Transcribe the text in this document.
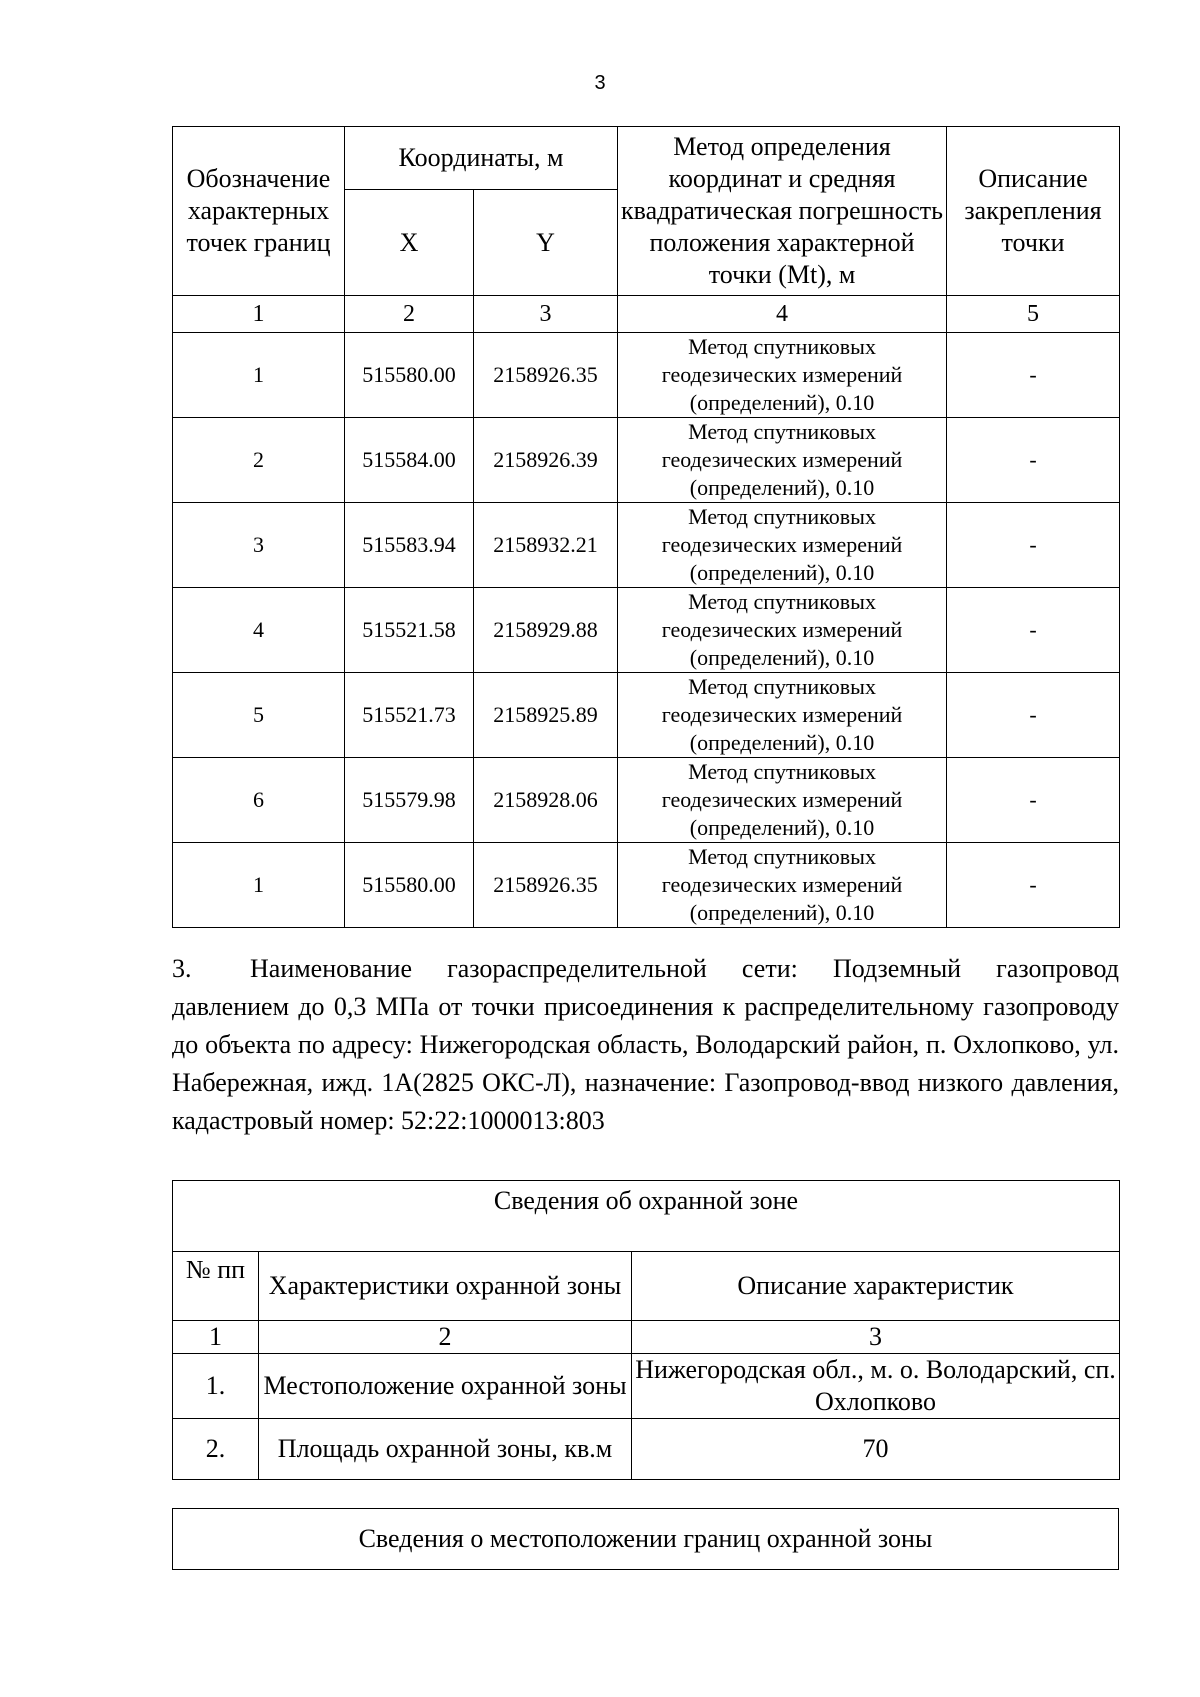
3
Обозначение характерных точек границ	Координаты, м		Метод определения координат и средняя квадратическая погрешность положения характерной точки (Mt), м	Описание закрепления точки
	X	Y		
1	2	3	4	5
1	515580.00	2158926.35	Метод спутниковых геодезических измерений (определений), 0.10	-
2	515584.00	2158926.39	Метод спутниковых геодезических измерений (определений), 0.10	-
3	515583.94	2158932.21	Метод спутниковых геодезических измерений (определений), 0.10	-
4	515521.58	2158929.88	Метод спутниковых геодезических измерений (определений), 0.10	-
5	515521.73	2158925.89	Метод спутниковых геодезических измерений (определений), 0.10	-
6	515579.98	2158928.06	Метод спутниковых геодезических измерений (определений), 0.10	-
1	515580.00	2158926.35	Метод спутниковых геодезических измерений (определений), 0.10	-

3. Наименование газораспределительной сети: Подземный газопровод давлением до 0,3 МПа от точки присоединения к распределительному газопроводу до объекта по адресу: Нижегородская область, Володарский район, п. Охлопково, ул. Набережная, ижд. 1А(2825 ОКС-Л), назначение: Газопровод-ввод низкого давления, кадастровый номер: 52:22:1000013:803

Сведения об охранной зоне		
№ пп	Характеристики охранной зоны	Описание характеристик
1	2	3
1.	Местоположение охранной зоны	Нижегородская обл., м. о. Володарский, сп. Охлопково
2.	Площадь охранной зоны, кв.м	70
Сведения о местоположении границ охранной зоны
